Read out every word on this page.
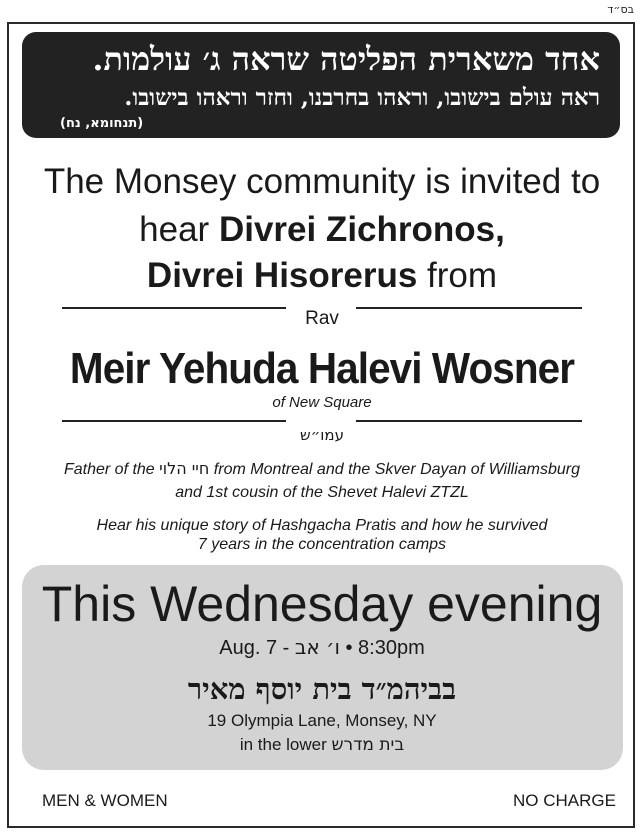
בס״ד
אחד משארית הפליטה שראה ג׳ עולמות.
ראה עולם בישובו, וראהו בחרבנו, וחזר וראהו בישובו.
(תנחומא, נח)
The Monsey community is invited to
hear Divrei Zichronos,
Divrei Hisorerus from
Rav
Meir Yehuda Halevi Wosner
of New Square
עמו״ש
Father of the חיי הלוי from Montreal and the Skver Dayan of Williamsburg
and 1st cousin of the Shevet Halevi ZTZL
Hear his unique story of Hashgacha Pratis and how he survived
7 years in the concentration camps
This Wednesday evening
Aug. 7 - ו׳ אב • 8:30pm
בביהמ״ד בית יוסף מאיר
19 Olympia Lane, Monsey, NY
in the lower בית מדרש
MEN & WOMEN	NO CHARGE
